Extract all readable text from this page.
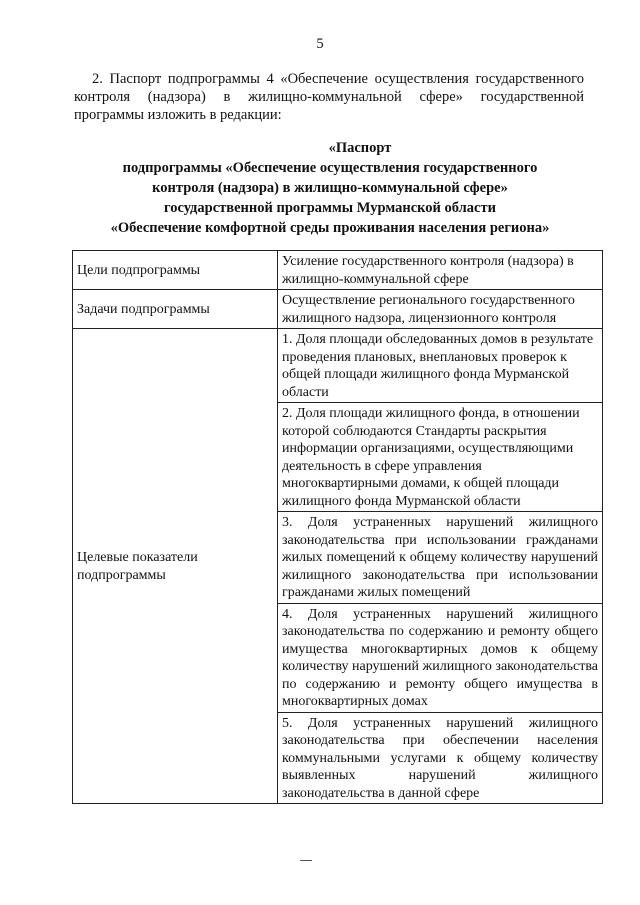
5
2. Паспорт подпрограммы 4 «Обеспечение осуществления государственного контроля (надзора) в жилищно-коммунальной сфере» государственной программы изложить в редакции:
«Паспорт
подпрограммы «Обеспечение осуществления государственного
контроля (надзора) в жилищно-коммунальной сфере»
государственной программы Мурманской области
«Обеспечение комфортной среды проживания населения региона»
Цели подпрограммы	Усиление государственного контроля (надзора) в жилищно-коммунальной сфере
Задачи подпрограммы	Осуществление регионального государственного жилищного надзора, лицензионного контроля
Целевые показатели подпрограммы	1. Доля площади обследованных домов в результате проведения плановых, внеплановых проверок к общей площади жилищного фонда Мурманской области
	2. Доля площади жилищного фонда, в отношении которой соблюдаются Стандарты раскрытия информации организациями, осуществляющими деятельность в сфере управления многоквартирными домами, к общей площади жилищного фонда Мурманской области
	3. Доля устраненных нарушений жилищного законодательства при использовании гражданами жилых помещений к общему количеству нарушений жилищного законодательства при использовании гражданами жилых помещений
	4. Доля устраненных нарушений жилищного законодательства по содержанию и ремонту общего имущества многоквартирных домов к общему количеству нарушений жилищного законодательства по содержанию и ремонту общего имущества в многоквартирных домах
	5. Доля устраненных нарушений жилищного законодательства при обеспечении населения коммунальными услугами к общему количеству выявленных нарушений жилищного законодательства в данной сфере
